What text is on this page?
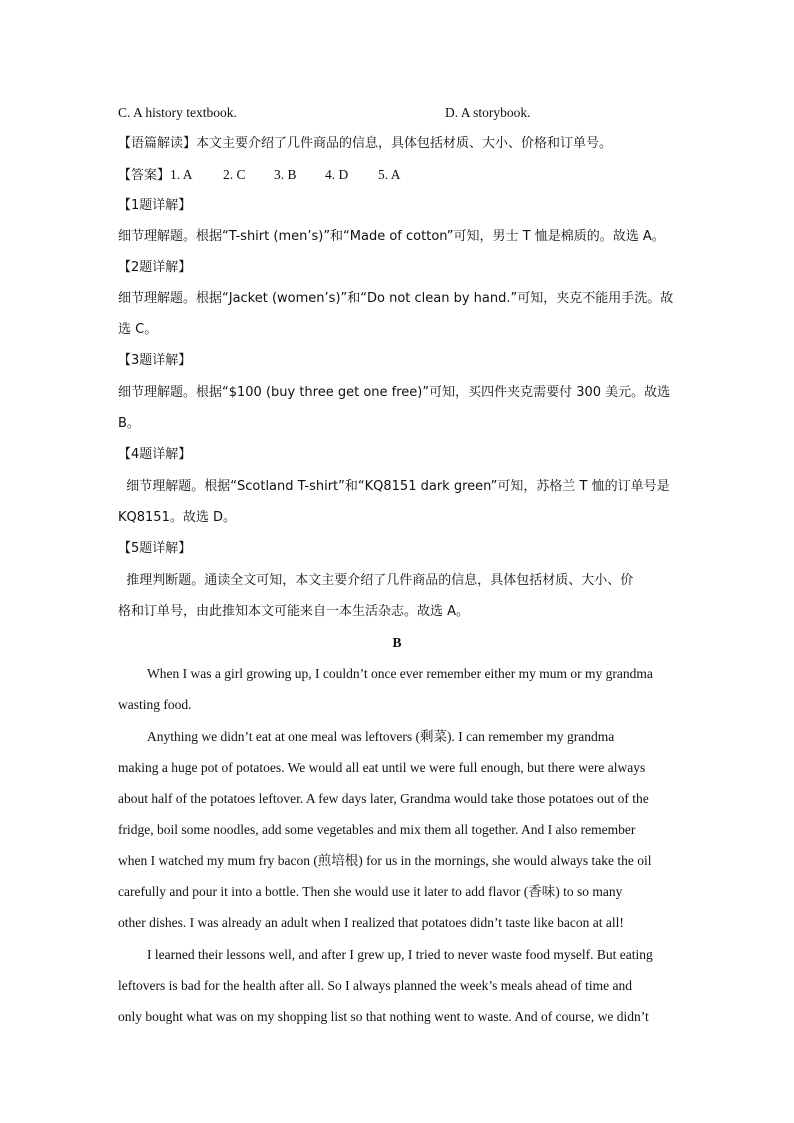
C. A history textbook.	D. A storybook.
【语篇解读】本文主要介绍了几件商品的信息，具体包括材质、大小、价格和订单号。
【答案】1. A 2. C 3. B 4. D 5. A
【1题详解】
细节理解题。根据“T-shirt (men’s)”和“Made of cotton”可知，男士 T 恤是棉质的。故选 A。
【2题详解】
细节理解题。根据“Jacket (women’s)”和“Do not clean by hand.”可知，夹克不能用手洗。故
选 C。
【3题详解】
细节理解题。根据“$100 (buy three get one free)”可知，买四件夹克需要付 300 美元。故选
B。
【4题详解】
细节理解题。根据“Scotland T-shirt”和“KQ8151 dark green”可知，苏格兰 T 恤的订单号是
KQ8151。故选 D。
【5题详解】
推理判断题。通读全文可知，本文主要介绍了几件商品的信息，具体包括材质、大小、价
格和订单号，由此推知本文可能来自一本生活杂志。故选 A。
B
When I was a girl growing up, I couldn’t once ever remember either my mum or my grandma
wasting food.
Anything we didn’t eat at one meal was leftovers (剩菜). I can remember my grandma
making a huge pot of potatoes. We would all eat until we were full enough, but there were always
about half of the potatoes leftover. A few days later, Grandma would take those potatoes out of the
fridge, boil some noodles, add some vegetables and mix them all together. And I also remember
when I watched my mum fry bacon (煎培根) for us in the mornings, she would always take the oil
carefully and pour it into a bottle. Then she would use it later to add flavor (香味) to so many
other dishes. I was already an adult when I realized that potatoes didn’t taste like bacon at all!
I learned their lessons well, and after I grew up, I tried to never waste food myself. But eating
leftovers is bad for the health after all. So I always planned the week’s meals ahead of time and
only bought what was on my shopping list so that nothing went to waste. And of course, we didn’t
